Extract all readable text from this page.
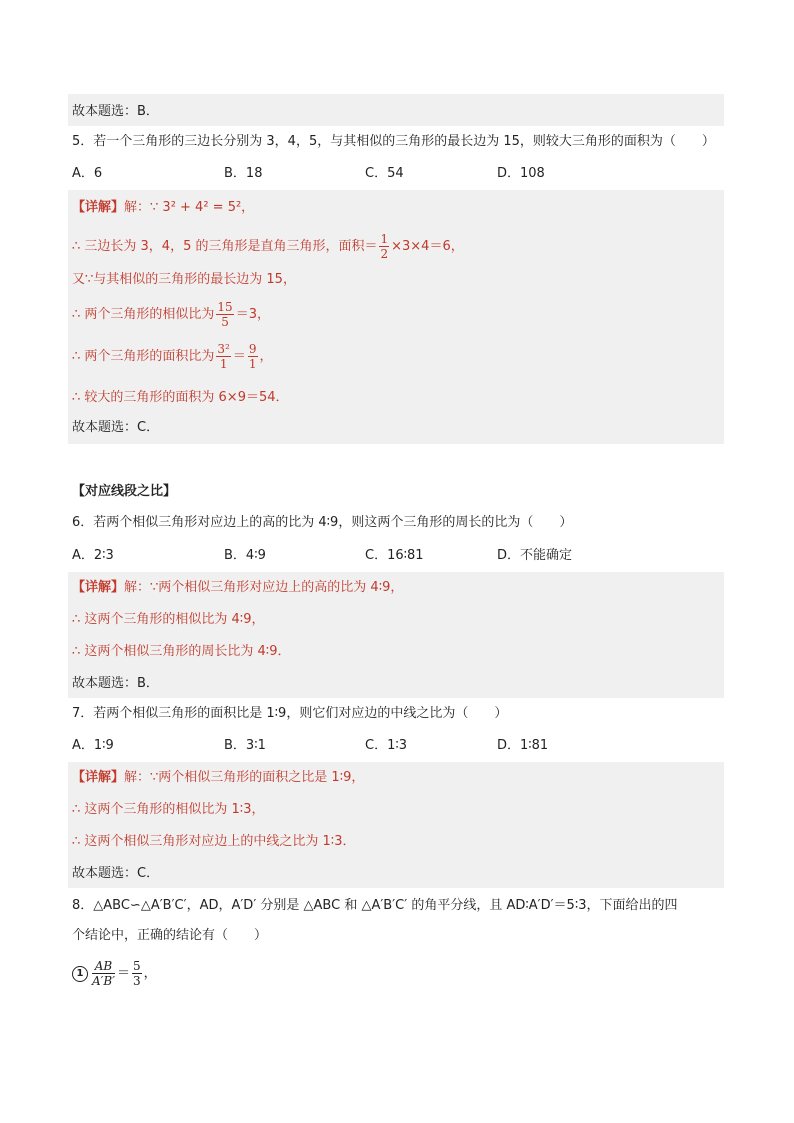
故本题选：B．
5．若一个三角形的三边长分别为 3，4，5，与其相似的三角形的最长边为 15，则较大三角形的面积为（　　）
A．6	B．18	C．54	D．108
【详解】解：∵ 3² + 4² = 5²，
∴ 三边长为 3，4，5 的三角形是直角三角形，面积＝ $\frac{1}{2} \times 3\times 4=6$，
又∵与其相似的三角形的最长边为 15，
∴ 两个三角形的相似比为 $\frac{15}{5} =3$，
∴ 两个三角形的面积比为 $\frac{\text{3²}}{1} = \frac{9}{1}$ ，
∴ 较大的三角形的面积为 6×9＝54．
故本题选：C．
【对应线段之比】
6．若两个相似三角形对应边上的高的比为 4∶9，则这两个三角形的周长的比为（　　）
A．2∶3	B．4∶9	C．16∶81	D．不能确定
【详解】解：∵两个相似三角形对应边上的高的比为 4∶9，
∴ 这两个三角形的相似比为 4∶9，
∴ 这两个相似三角形的周长比为 4∶9．
故本题选：B．
7．若两个相似三角形的面积比是 1∶9，则它们对应边的中线之比为（　　）
A．1∶9	B．3∶1	C．1∶3	D．1∶81
【详解】解：∵两个相似三角形的面积之比是 1∶9，
∴ 这两个三角形的相似比为 1∶3，
∴ 这两个相似三角形对应边上的中线之比为 1∶3．
故本题选：C．
8．△ABC∽△A′B′C′，AD，A′D′ 分别是 △ABC 和 △A′B′C′ 的角平分线，且 AD∶A′D′＝5∶3，下面给出的四
个结论中，正确的结论有（　　）
$1 \frac{AB}{A'B'} = \frac{5}{3}$ ，
